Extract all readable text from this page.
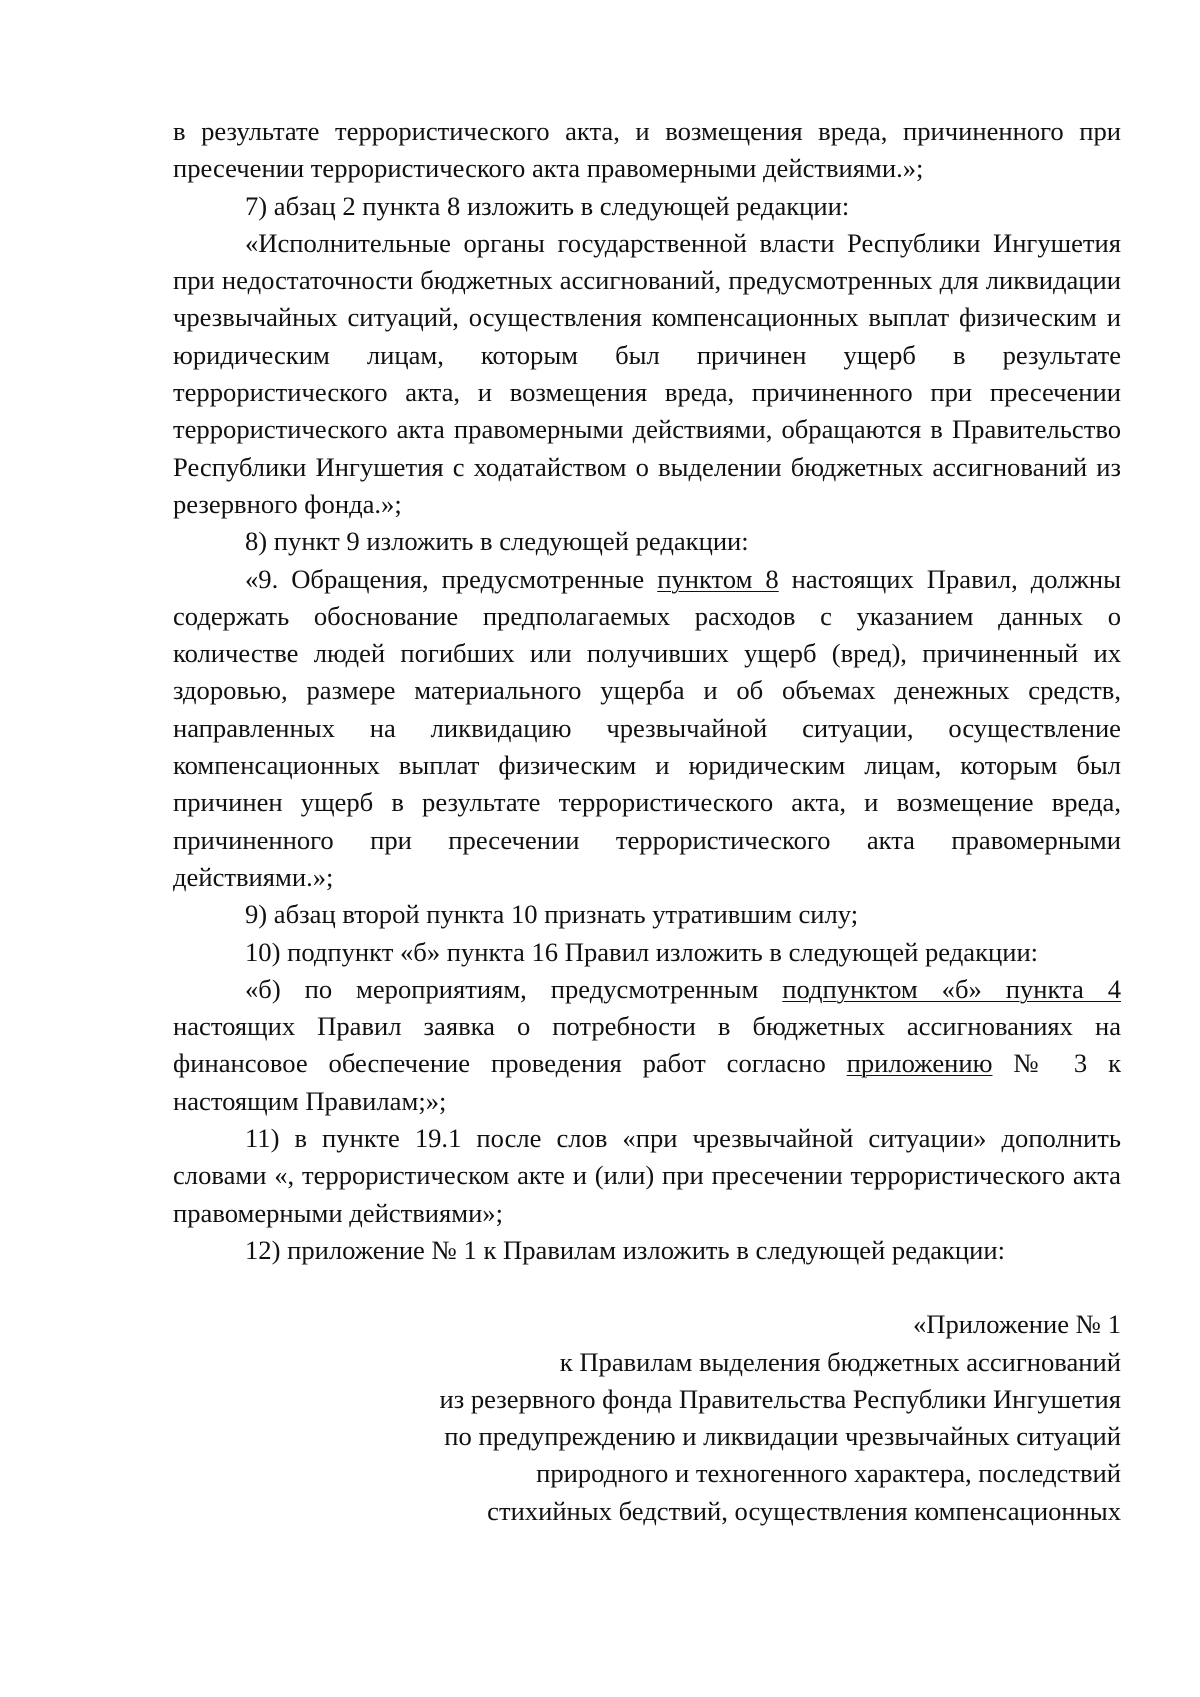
в результате террористического акта, и возмещения вреда, причиненного при пресечении террористического акта правомерными действиями.»;

7) абзац 2 пункта 8 изложить в следующей редакции:

«Исполнительные органы государственной власти Республики Ингушетия при недостаточности бюджетных ассигнований, предусмотренных для ликвидации чрезвычайных ситуаций, осуществления компенсационных выплат физическим и юридическим лицам, которым был причинен ущерб в результате террористического акта, и возмещения вреда, причиненного при пресечении террористического акта правомерными действиями, обращаются в Правительство Республики Ингушетия с ходатайством о выделении бюджетных ассигнований из резервного фонда.»;

8) пункт 9 изложить в следующей редакции:

«9. Обращения, предусмотренные пунктом 8 настоящих Правил, должны содержать обоснование предполагаемых расходов с указанием данных о количестве людей погибших или получивших ущерб (вред), причиненный их здоровью, размере материального ущерба и об объемах денежных средств, направленных на ликвидацию чрезвычайной ситуации, осуществление компенсационных выплат физическим и юридическим лицам, которым был причинен ущерб в результате террористического акта, и возмещение вреда, причиненного при пресечении террористического акта правомерными действиями.»;

9) абзац второй пункта 10 признать утратившим силу;

10) подпункт «б» пункта 16 Правил изложить в следующей редакции:

«б) по мероприятиям, предусмотренным подпунктом «б» пункта 4 настоящих Правил заявка о потребности в бюджетных ассигнованиях на финансовое обеспечение проведения работ согласно приложению № 3 к настоящим Правилам;»;

11) в пункте 19.1 после слов «при чрезвычайной ситуации» дополнить словами «, террористическом акте и (или) при пресечении террористического акта правомерными действиями»;

12) приложение № 1 к Правилам изложить в следующей редакции:

«Приложение № 1
к Правилам выделения бюджетных ассигнований
из резервного фонда Правительства Республики Ингушетия
по предупреждению и ликвидации чрезвычайных ситуаций
природного и техногенного характера, последствий
стихийных бедствий, осуществления компенсационных
